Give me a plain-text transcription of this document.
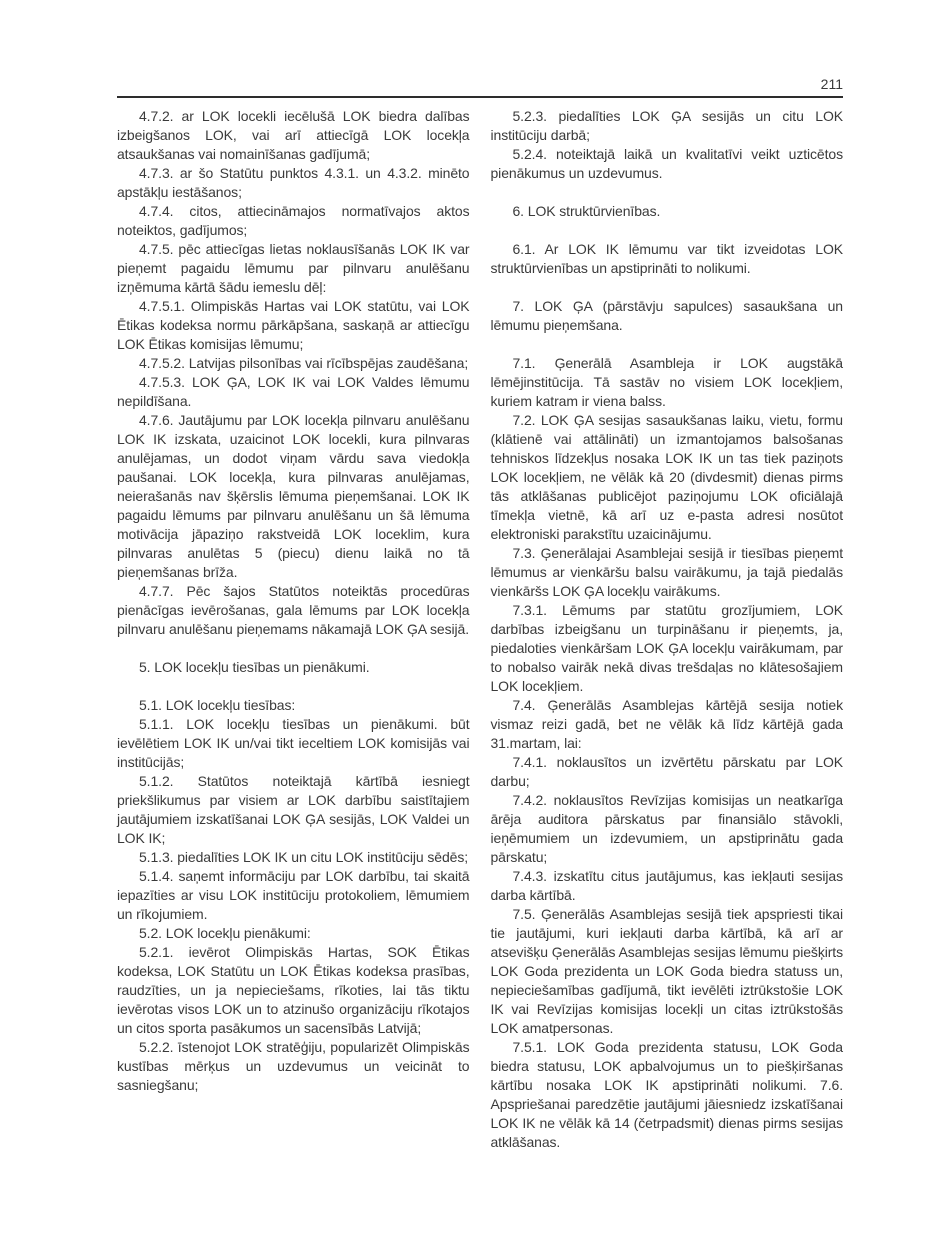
211

4.7.2. ar LOK locekli iecēlušā LOK biedra dalības izbeigšanos LOK, vai arī attiecīgā LOK locekļa atsaukšanas vai nomainīšanas gadījumā;

4.7.3. ar šo Statūtu punktos 4.3.1. un 4.3.2. minēto apstākļu iestāšanos;

4.7.4. citos, attiecināmajos normatīvajos aktos noteiktos, gadījumos;

4.7.5. pēc attiecīgas lietas noklausīšanās LOK IK var pieņemt pagaidu lēmumu par pilnvaru anulēšanu izņēmuma kārtā šādu iemeslu dēļ:

4.7.5.1. Olimpiskās Hartas vai LOK statūtu, vai LOK Ētikas kodeksa normu pārkāpšana, saskaņā ar attiecīgu LOK Ētikas komisijas lēmumu;

4.7.5.2. Latvijas pilsonības vai rīcībspējas zaudēšana;

4.7.5.3. LOK ĢA, LOK IK vai LOK Valdes lēmumu nepildīšana.

4.7.6. Jautājumu par LOK locekļa pilnvaru anulēšanu LOK IK izskata, uzaicinot LOK locekli, kura pilnvaras anulējamas, un dodot viņam vārdu sava viedokļa paušanai. LOK locekļa, kura pilnvaras anulējamas, neierašanās nav šķērslis lēmuma pieņemšanai. LOK IK pagaidu lēmums par pilnvaru anulēšanu un šā lēmuma motivācija jāpaziņo rakstveidā LOK loceklim, kura pilnvaras anulētas 5 (piecu) dienu laikā no tā pieņemšanas brīža.

4.7.7. Pēc šajos Statūtos noteiktās procedūras pienācīgas ievērošanas, gala lēmums par LOK locekļa pilnvaru anulēšanu pieņemams nākamajā LOK ĢA sesijā.

5. LOK locekļu tiesības un pienākumi.

5.1. LOK locekļu tiesības:

5.1.1. LOK locekļu tiesības un pienākumi. būt ievēlētiem LOK IK un/vai tikt ieceltiem LOK komisijās vai institūcijās;

5.1.2. Statūtos noteiktajā kārtībā iesniegt priekšlikumus par visiem ar LOK darbību saistītajiem jautājumiem izskatīšanai LOK ĢA sesijās, LOK Valdei un LOK IK;

5.1.3. piedalīties LOK IK un citu LOK institūciju sēdēs;

5.1.4. saņemt informāciju par LOK darbību, tai skaitā iepazīties ar visu LOK institūciju protokoliem, lēmumiem un rīkojumiem.

5.2. LOK locekļu pienākumi:

5.2.1. ievērot Olimpiskās Hartas, SOK Ētikas kodeksa, LOK Statūtu un LOK Ētikas kodeksa prasības, raudzīties, un ja nepieciešams, rīkoties, lai tās tiktu ievērotas visos LOK un to atzinušo organizāciju rīkotajos un citos sporta pasākumos un sacensībās Latvijā;

5.2.2. īstenojot LOK stratēģiju, popularizēt Olimpiskās kustības mērķus un uzdevumus un veicināt to sasniegšanu;

5.2.3. piedalīties LOK ĢA sesijās un citu LOK institūciju darbā;

5.2.4. noteiktajā laikā un kvalitatīvi veikt uzticētos pienākumus un uzdevumus.

6. LOK struktūrvienības.

6.1. Ar LOK IK lēmumu var tikt izveidotas LOK struktūrvienības un apstiprināti to nolikumi.

7. LOK ĢA (pārstāvju sapulces) sasaukšana un lēmumu pieņemšana.

7.1. Ģenerālā Asambleja ir LOK augstākā lēmējinstitūcija. Tā sastāv no visiem LOK locekļiem, kuriem katram ir viena balss.

7.2. LOK ĢA sesijas sasaukšanas laiku, vietu, formu (klātienē vai attālināti) un izmantojamos balsošanas tehniskos līdzekļus nosaka LOK IK un tas tiek paziņots LOK locekļiem, ne vēlāk kā 20 (divdesmit) dienas pirms tās atklāšanas publicējot paziņojumu LOK oficiālajā tīmekļa vietnē, kā arī uz e-pasta adresi nosūtot elektroniski parakstītu uzaicinājumu.

7.3. Ģenerālajai Asamblejai sesijā ir tiesības pieņemt lēmumus ar vienkāršu balsu vairākumu, ja tajā piedalās vienkāršs LOK ĢA locekļu vairākums.

7.3.1. Lēmums par statūtu grozījumiem, LOK darbības izbeigšanu un turpināšanu ir pieņemts, ja, piedaloties vienkāršam LOK ĢA locekļu vairākumam, par to nobalso vairāk nekā divas trešdaļas no klātesošajiem LOK locekļiem.

7.4. Ģenerālās Asamblejas kārtējā sesija notiek vismaz reizi gadā, bet ne vēlāk kā līdz kārtējā gada 31.martam, lai:

7.4.1. noklausītos un izvērtētu pārskatu par LOK darbu;

7.4.2. noklausītos Revīzijas komisijas un neatkarīga ārēja auditora pārskatus par finansiālo stāvokli, ieņēmumiem un izdevumiem, un apstiprinātu gada pārskatu;

7.4.3. izskatītu citus jautājumus, kas iekļauti sesijas darba kārtībā.

7.5. Ģenerālās Asamblejas sesijā tiek apspriesti tikai tie jautājumi, kuri iekļauti darba kārtībā, kā arī ar atsevišķu Ģenerālās Asamblejas sesijas lēmumu piešķirts LOK Goda prezidenta un LOK Goda biedra statuss un, nepieciešamības gadījumā, tikt ievēlēti iztrūkstošie LOK IK vai Revīzijas komisijas locekļi un citas iztrūkstošās LOK amatpersonas.

7.5.1. LOK Goda prezidenta statusu, LOK Goda biedra statusu, LOK apbalvojumus un to piešķiršanas kārtību nosaka LOK IK apstiprināti nolikumi. 7.6. Apspriešanai paredzētie jautājumi jāiesniedz izskatīšanai LOK IK ne vēlāk kā 14 (četrpadsmit) dienas pirms sesijas atklāšanas.
